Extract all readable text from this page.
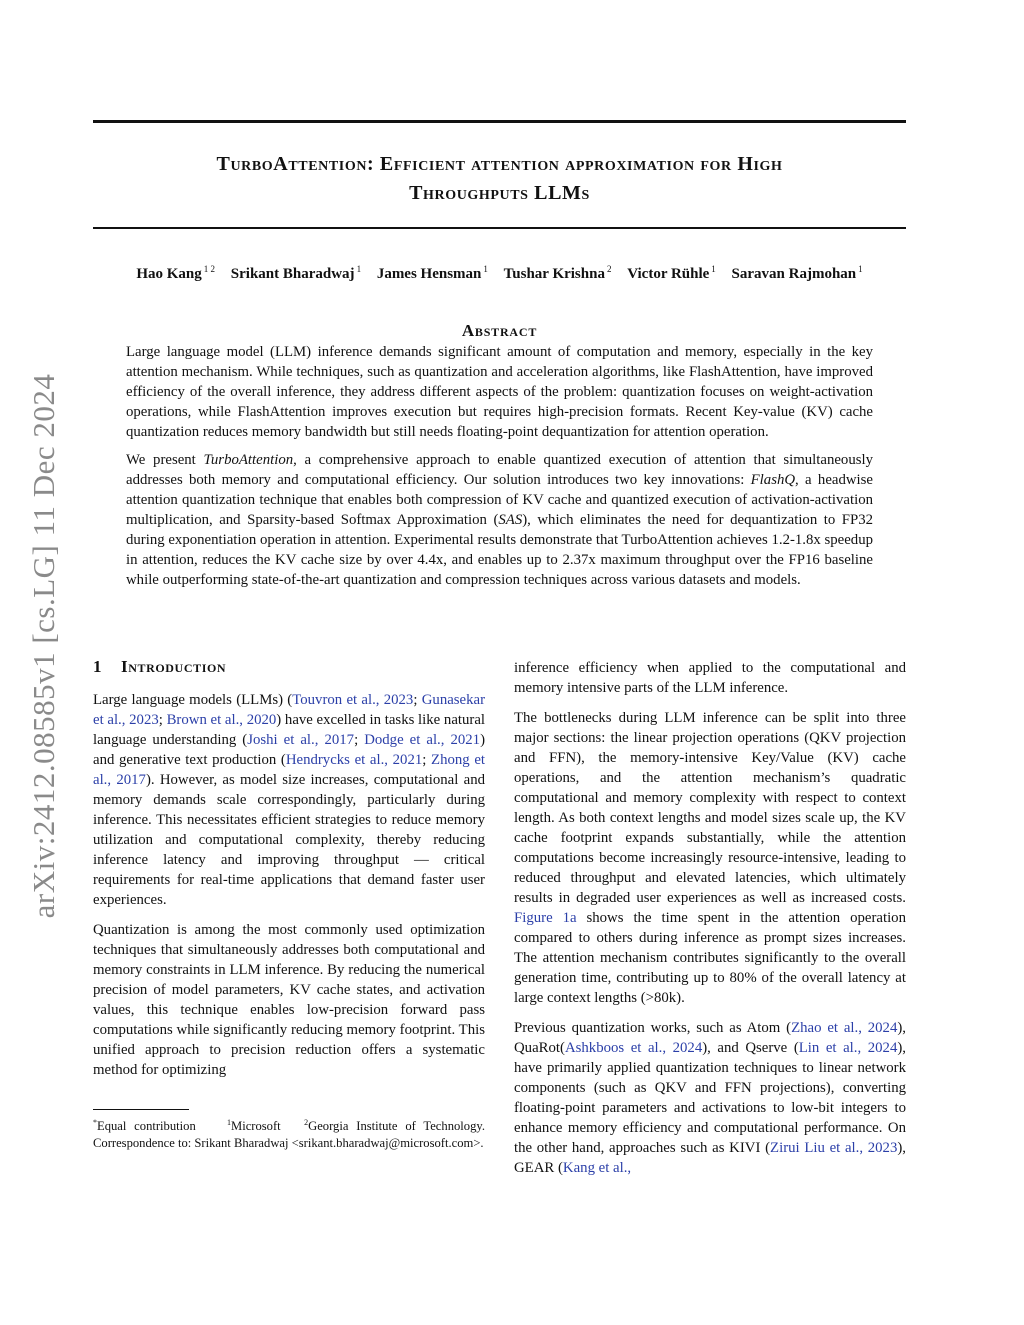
TurboAttention: Efficient attention approximation for High
Throughputs LLMs
Hao Kang $^{1 2}$ Srikant Bharadwaj $^1$ James Hensman $^1$ Tushar Krishna $^2$ Victor Rühle $^1$ Saravan Rajmohan $^1$
Abstract

Large language model (LLM) inference demands significant amount of computation and memory, especially in the key attention mechanism. While techniques, such as quantization and acceleration algorithms, like FlashAttention, have improved efficiency of the overall inference, they address different aspects of the problem: quantization focuses on weight-activation operations, while FlashAttention improves execution but requires high-precision formats. Recent Key-value (KV) cache quantization reduces memory bandwidth but still needs floating-point dequantization for attention operation.

We present TurboAttention, a comprehensive approach to enable quantized execution of attention that simultaneously addresses both memory and computational efficiency. Our solution introduces two key innovations: FlashQ, a headwise attention quantization technique that enables both compression of KV cache and quantized execution of activation-activation multiplication, and Sparsity-based Softmax Approximation (SAS), which eliminates the need for dequantization to FP32 during exponentiation operation in attention. Experimental results demonstrate that TurboAttention achieves 1.2-1.8x speedup in attention, reduces the KV cache size by over 4.4x, and enables up to 2.37x maximum throughput over the FP16 baseline while outperforming state-of-the-art quantization and compression techniques across various datasets and models.

arXiv:2412.08585v1 [cs.LG] 11 Dec 2024 1 Introduction

Large language models (LLMs) (Touvron et al., 2023; Gunasekar et al., 2023; Brown et al., 2020) have excelled in tasks like natural language understanding (Joshi et al., 2017; Dodge et al., 2021) and generative text production (Hendrycks et al., 2021; Zhong et al., 2017). However, as model size increases, computational and memory demands scale correspondingly, particularly during inference. This necessitates efficient strategies to reduce memory utilization and computational complexity, thereby reducing inference latency and improving throughput — critical requirements for real-time applications that demand faster user experiences.

Quantization is among the most commonly used optimization techniques that simultaneously addresses both computational and memory constraints in LLM inference. By reducing the numerical precision of model parameters, KV cache states, and activation values, this technique enables low-precision forward pass computations while significantly reducing memory footprint. This unified approach to precision reduction offers a systematic method for optimizing

*Equal contribution	$^1$Microsoft	$^2$Georgia Institute of Technology. Correspondence to: Srikant Bharadwaj <srikant.bharadwaj@microsoft.com>.

inference efficiency when applied to the computational and memory intensive parts of the LLM inference.

The bottlenecks during LLM inference can be split into three major sections: the linear projection operations (QKV projection and FFN), the memory-intensive Key/Value (KV) cache operations, and the attention mechanism’s quadratic computational and memory complexity with respect to context length. As both context lengths and model sizes scale up, the KV cache footprint expands substantially, while the attention computations become increasingly resource-intensive, leading to reduced throughput and elevated latencies, which ultimately results in degraded user experiences as well as increased costs. Figure 1a shows the time spent in the attention operation compared to others during inference as prompt sizes increases. The attention mechanism contributes significantly to the overall generation time, contributing up to 80% of the overall latency at large context lengths (>80k).

Previous quantization works, such as Atom (Zhao et al., 2024), QuaRot(Ashkboos et al., 2024), and Qserve (Lin et al., 2024), have primarily applied quantization techniques to linear network components (such as QKV and FFN projections), converting floating-point parameters and activations to low-bit integers to enhance memory efficiency and computational performance. On the other hand, approaches such as KIVI (Zirui Liu et al., 2023), GEAR (Kang et al.,
